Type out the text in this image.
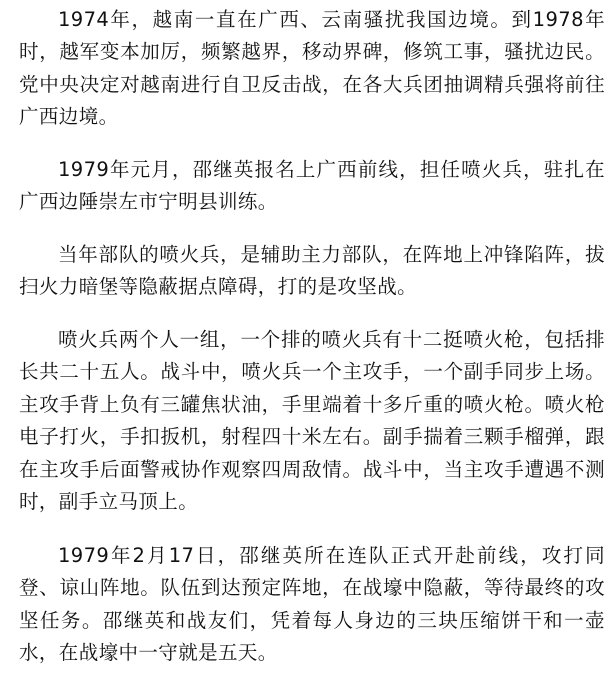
1974年，越南一直在广西、云南骚扰我国边境。到1978年时，越军变本加厉，频繁越界，移动界碑，修筑工事，骚扰边民。党中央决定对越南进行自卫反击战，在各大兵团抽调精兵强将前往广西边境。

1979年元月，邵继英报名上广西前线，担任喷火兵，驻扎在广西边陲崇左市宁明县训练。

当年部队的喷火兵，是辅助主力部队，在阵地上冲锋陷阵，拔扫火力暗堡等隐蔽据点障碍，打的是攻坚战。

喷火兵两个人一组，一个排的喷火兵有十二挺喷火枪，包括排长共二十五人。战斗中，喷火兵一个主攻手，一个副手同步上场。主攻手背上负有三罐焦状油，手里端着十多斤重的喷火枪。喷火枪电子打火，手扣扳机，射程四十米左右。副手揣着三颗手榴弹，跟在主攻手后面警戒协作观察四周敌情。战斗中，当主攻手遭遇不测时，副手立马顶上。

1979年2月17日，邵继英所在连队正式开赴前线，攻打同登、谅山阵地。队伍到达预定阵地，在战壕中隐蔽，等待最终的攻坚任务。邵继英和战友们，凭着每人身边的三块压缩饼干和一壶水，在战壕中一守就是五天。
